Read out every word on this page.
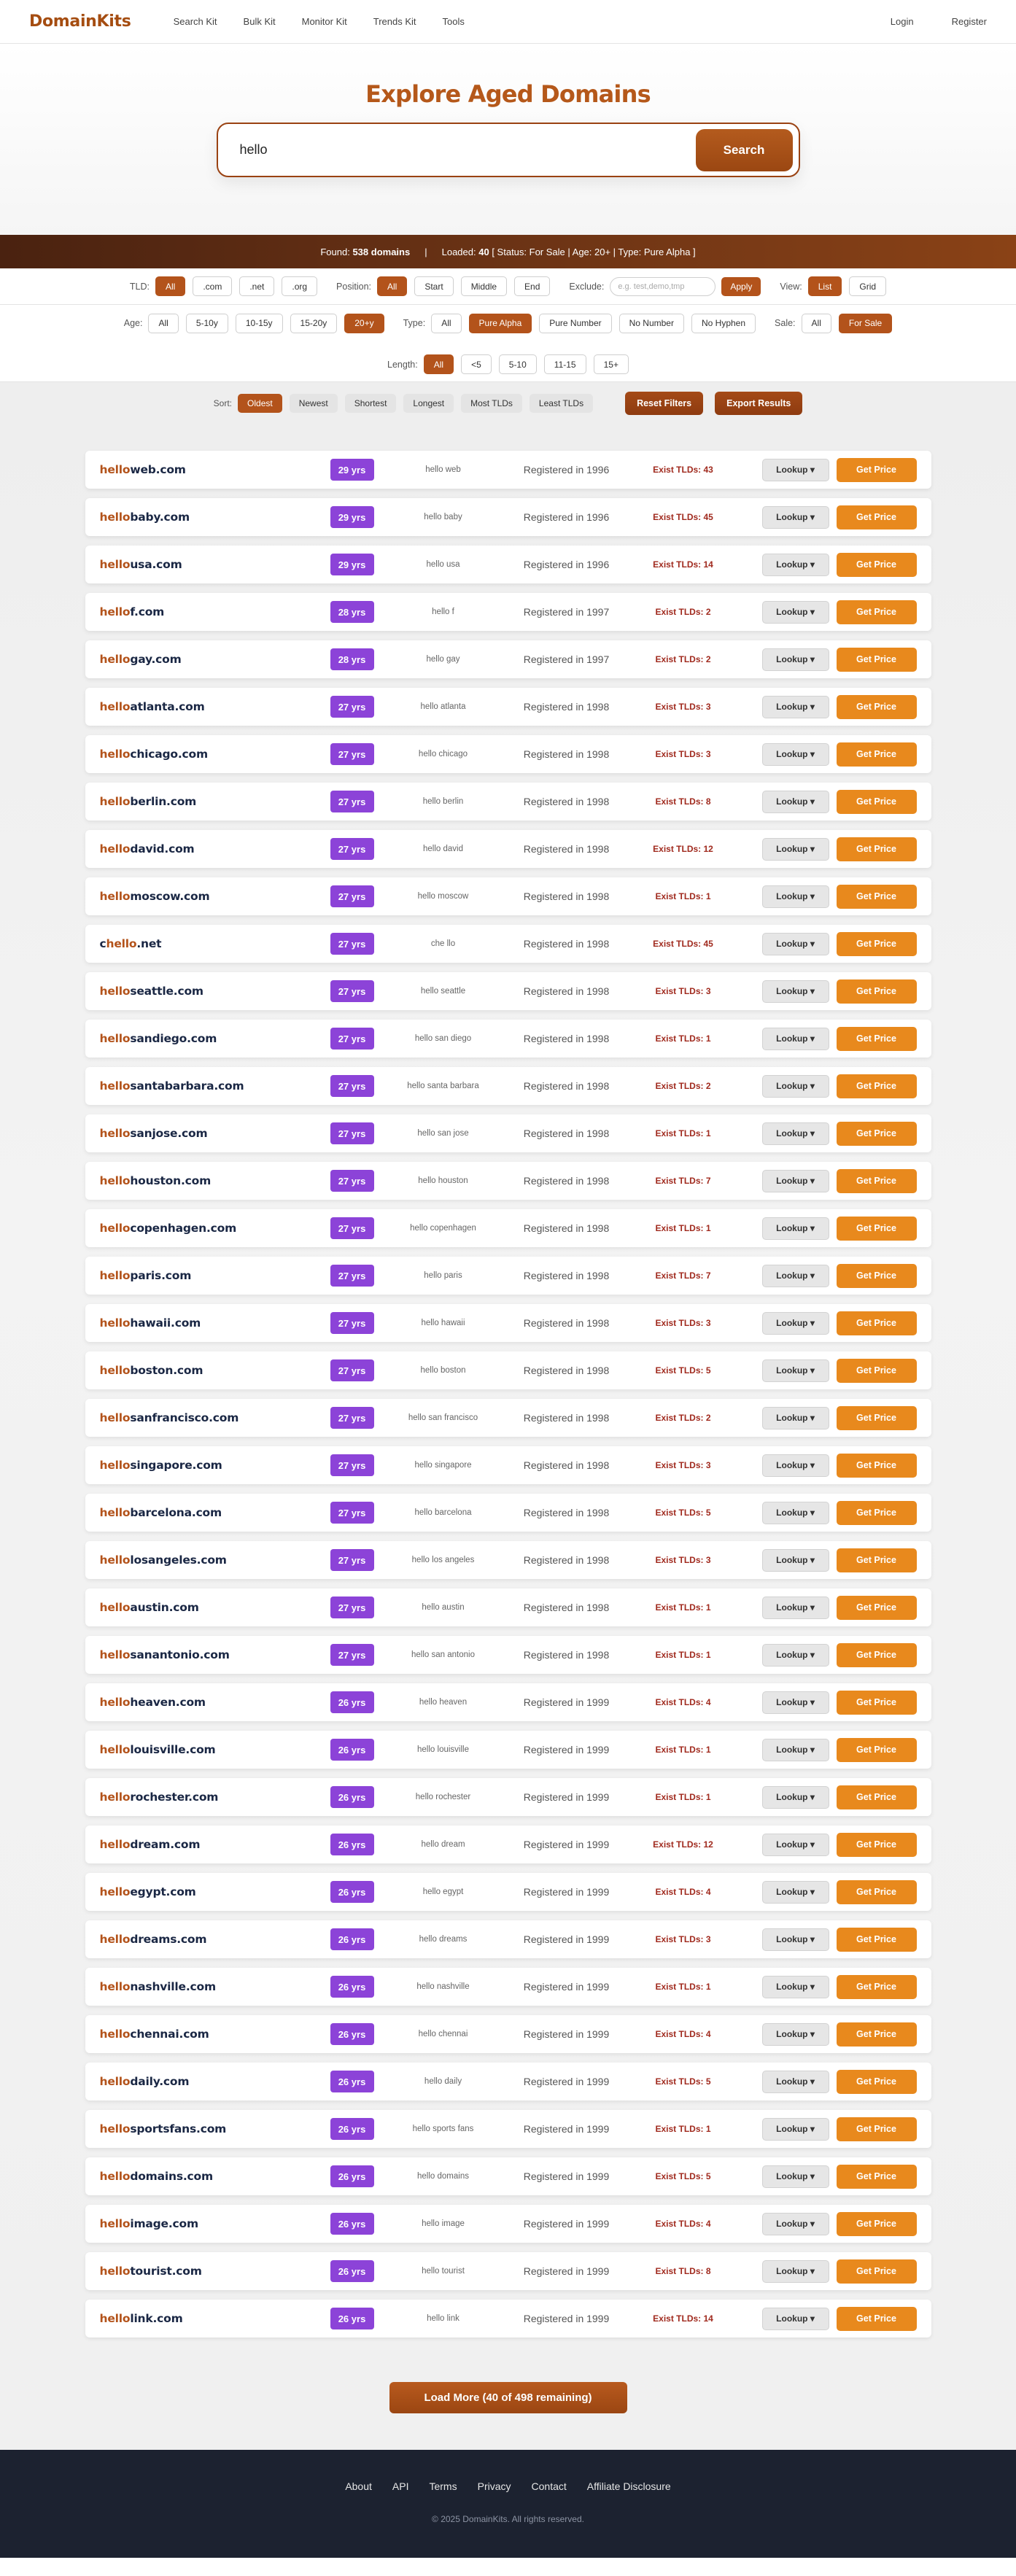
DomainKits	Search Kit	Bulk Kit	Monitor Kit	Trends Kit	Tools	Login	Register
Explore Aged Domains
hello
Search
Found:
538 domains | Loaded:
40
[ Status: For Sale | Age: 20+ | Type: Pure Alpha ]
TLD:	All	.com	.net	.org	Position:	All	Start	Middle	End	Exclude:
e.g. test,demo,tmp	Apply	View:	List	Grid
Age:	All	5-10y	10-15y	15-20y	20+y	Type:	All	Pure Alpha	Pure Number	No Number	No Hyphen	Sale:	All	For Sale
Length:	All	<5	5-10	11-15	15+
Sort:	Oldest	Newest	Shortest	Longest	Most TLDs	Least TLDs	Reset Filters	Export Results
helloweb.com	29 yrs	hello web	Registered in 1996	Exist TLDs: 43	Lookup ▾	Get Price
hellobaby.com	29 yrs	hello baby	Registered in 1996	Exist TLDs: 45	Lookup ▾	Get Price
hellousa.com	29 yrs	hello usa	Registered in 1996	Exist TLDs: 14	Lookup ▾	Get Price
hellof.com	28 yrs	hello f	Registered in 1997	Exist TLDs: 2	Lookup ▾	Get Price
hellogay.com	28 yrs	hello gay	Registered in 1997	Exist TLDs: 2	Lookup ▾	Get Price
helloatlanta.com	27 yrs	hello atlanta	Registered in 1998	Exist TLDs: 3	Lookup ▾	Get Price
hellochicago.com	27 yrs	hello chicago	Registered in 1998	Exist TLDs: 3	Lookup ▾	Get Price
helloberlin.com	27 yrs	hello berlin	Registered in 1998	Exist TLDs: 8	Lookup ▾	Get Price
hellodavid.com	27 yrs	hello david	Registered in 1998	Exist TLDs: 12	Lookup ▾	Get Price
hellomoscow.com	27 yrs	hello moscow	Registered in 1998	Exist TLDs: 1	Lookup ▾	Get Price
chello.net	27 yrs	che llo	Registered in 1998	Exist TLDs: 45	Lookup ▾	Get Price
helloseattle.com	27 yrs	hello seattle	Registered in 1998	Exist TLDs: 3	Lookup ▾	Get Price
hellosandiego.com	27 yrs	hello san diego	Registered in 1998	Exist TLDs: 1	Lookup ▾	Get Price
hellosantabarbara.com	27 yrs	hello santa barbara	Registered in 1998	Exist TLDs: 2	Lookup ▾	Get Price
hellosanjose.com	27 yrs	hello san jose	Registered in 1998	Exist TLDs: 1	Lookup ▾	Get Price
hellohouston.com	27 yrs	hello houston	Registered in 1998	Exist TLDs: 7	Lookup ▾	Get Price
hellocopenhagen.com	27 yrs	hello copenhagen	Registered in 1998	Exist TLDs: 1	Lookup ▾	Get Price
helloparis.com	27 yrs	hello paris	Registered in 1998	Exist TLDs: 7	Lookup ▾	Get Price
hellohawaii.com	27 yrs	hello hawaii	Registered in 1998	Exist TLDs: 3	Lookup ▾	Get Price
helloboston.com	27 yrs	hello boston	Registered in 1998	Exist TLDs: 5	Lookup ▾	Get Price
hellosanfrancisco.com	27 yrs	hello san francisco	Registered in 1998	Exist TLDs: 2	Lookup ▾	Get Price
hellosingapore.com	27 yrs	hello singapore	Registered in 1998	Exist TLDs: 3	Lookup ▾	Get Price
hellobarcelona.com	27 yrs	hello barcelona	Registered in 1998	Exist TLDs: 5	Lookup ▾	Get Price
hellolosangeles.com	27 yrs	hello los angeles	Registered in 1998	Exist TLDs: 3	Lookup ▾	Get Price
helloaustin.com	27 yrs	hello austin	Registered in 1998	Exist TLDs: 1	Lookup ▾	Get Price
hellosanantonio.com	27 yrs	hello san antonio	Registered in 1998	Exist TLDs: 1	Lookup ▾	Get Price
helloheaven.com	26 yrs	hello heaven	Registered in 1999	Exist TLDs: 4	Lookup ▾	Get Price
hellolouisville.com	26 yrs	hello louisville	Registered in 1999	Exist TLDs: 1	Lookup ▾	Get Price
hellorochester.com	26 yrs	hello rochester	Registered in 1999	Exist TLDs: 1	Lookup ▾	Get Price
hellodream.com	26 yrs	hello dream	Registered in 1999	Exist TLDs: 12	Lookup ▾	Get Price
helloegypt.com	26 yrs	hello egypt	Registered in 1999	Exist TLDs: 4	Lookup ▾	Get Price
hellodreams.com	26 yrs	hello dreams	Registered in 1999	Exist TLDs: 3	Lookup ▾	Get Price
hellonashville.com	26 yrs	hello nashville	Registered in 1999	Exist TLDs: 1	Lookup ▾	Get Price
hellochennai.com	26 yrs	hello chennai	Registered in 1999	Exist TLDs: 4	Lookup ▾	Get Price
hellodaily.com	26 yrs	hello daily	Registered in 1999	Exist TLDs: 5	Lookup ▾	Get Price
hellosportsfans.com	26 yrs	hello sports fans	Registered in 1999	Exist TLDs: 1	Lookup ▾	Get Price
hellodomains.com	26 yrs	hello domains	Registered in 1999	Exist TLDs: 5	Lookup ▾	Get Price
helloimage.com	26 yrs	hello image	Registered in 1999	Exist TLDs: 4	Lookup ▾	Get Price
hellotourist.com	26 yrs	hello tourist	Registered in 1999	Exist TLDs: 8	Lookup ▾	Get Price
hellolink.com	26 yrs	hello link	Registered in 1999	Exist TLDs: 14	Lookup ▾	Get Price
Load More (40 of 498 remaining)
About API Terms Privacy Contact Affiliate Disclosure
© 2025 DomainKits. All rights reserved.
